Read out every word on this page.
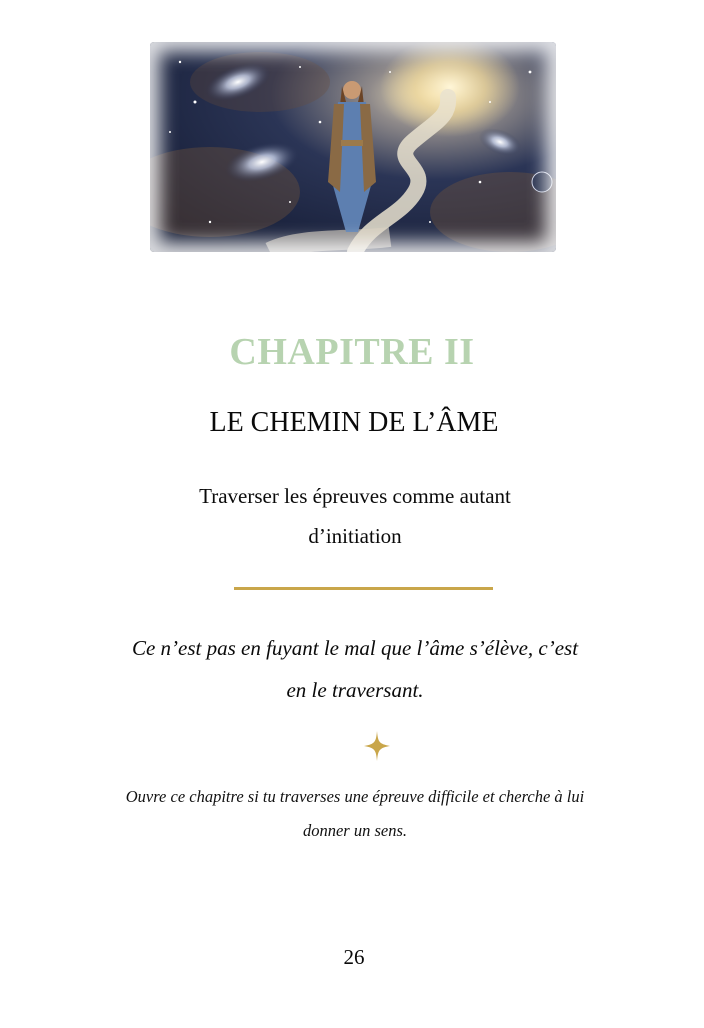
CHAPITRE II
LE CHEMIN DE L’ÂME
Traverser les épreuves comme autant d’initiation
Ce n’est pas en fuyant le mal que l’âme s’élève, c’est en le traversant.
Ouvre ce chapitre si tu traverses une épreuve difficile et cherche à lui donner un sens.
26
